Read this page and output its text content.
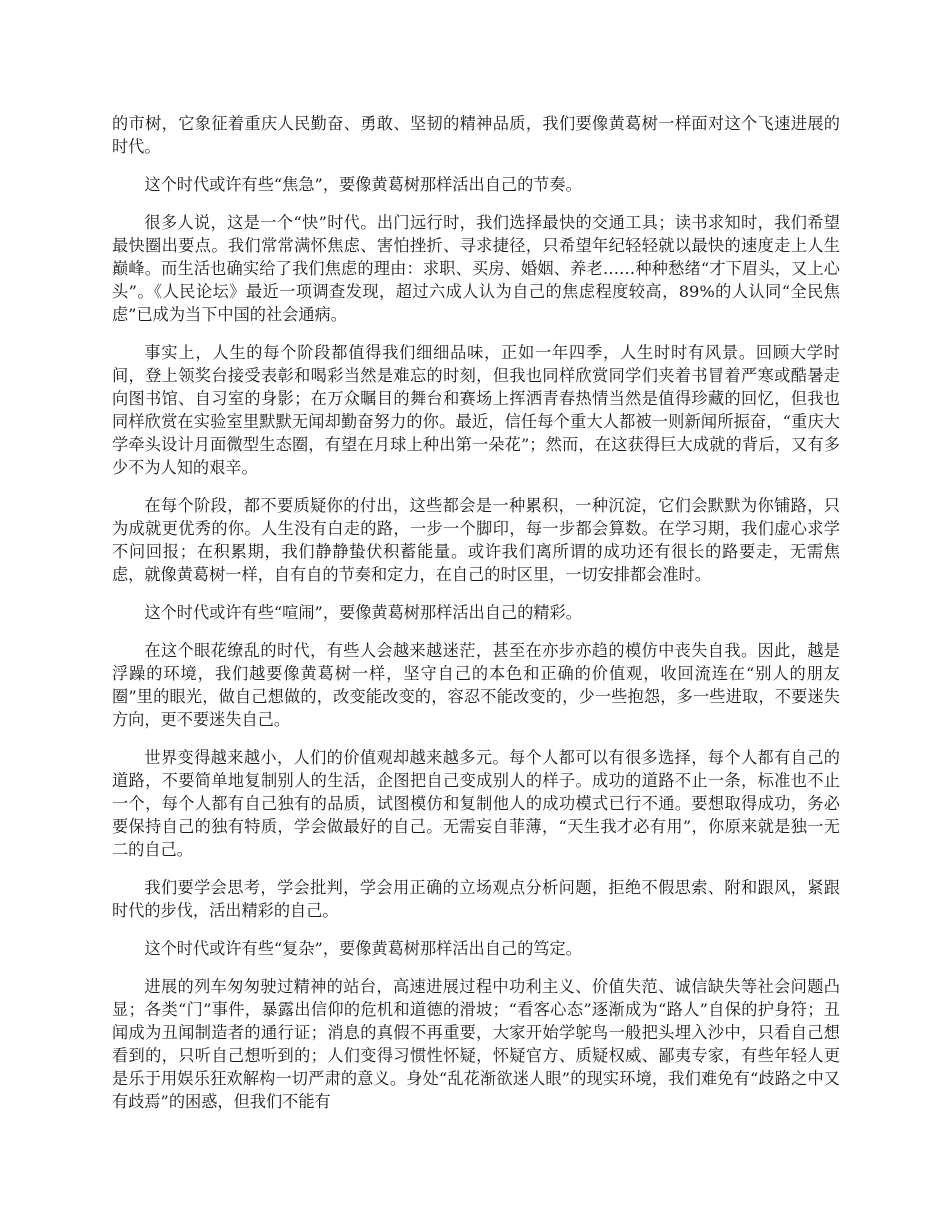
的市树，它象征着重庆人民勤奋、勇敢、坚韧的精神品质，我们要像黄葛树一样面对这个飞速进展的时代。

这个时代或许有些“焦急”，要像黄葛树那样活出自己的节奏。

很多人说，这是一个“快”时代。出门远行时，我们选择最快的交通工具；读书求知时，我们希望最快圈出要点。我们常常满怀焦虑、害怕挫折、寻求捷径，只希望年纪轻轻就以最快的速度走上人生巅峰。而生活也确实给了我们焦虑的理由：求职、买房、婚姻、养老……种种愁绪“才下眉头，又上心头”。《人民论坛》最近一项调查发现，超过六成人认为自己的焦虑程度较高，89%的人认同“全民焦虑”已成为当下中国的社会通病。

事实上，人生的每个阶段都值得我们细细品味，正如一年四季，人生时时有风景。回顾大学时间，登上领奖台接受表彰和喝彩当然是难忘的时刻，但我也同样欣赏同学们夹着书冒着严寒或酷暑走向图书馆、自习室的身影；在万众瞩目的舞台和赛场上挥洒青春热情当然是值得珍藏的回忆，但我也同样欣赏在实验室里默默无闻却勤奋努力的你。最近，信任每个重大人都被一则新闻所振奋，“重庆大学牵头设计月面微型生态圈，有望在月球上种出第一朵花”；然而，在这获得巨大成就的背后，又有多少不为人知的艰辛。

在每个阶段，都不要质疑你的付出，这些都会是一种累积，一种沉淀，它们会默默为你铺路，只为成就更优秀的你。人生没有白走的路，一步一个脚印，每一步都会算数。在学习期，我们虚心求学不问回报；在积累期，我们静静蛰伏积蓄能量。或许我们离所谓的成功还有很长的路要走，无需焦虑，就像黄葛树一样，自有自的节奏和定力，在自己的时区里，一切安排都会准时。

这个时代或许有些“喧闹”，要像黄葛树那样活出自己的精彩。

在这个眼花缭乱的时代，有些人会越来越迷茫，甚至在亦步亦趋的模仿中丧失自我。因此，越是浮躁的环境，我们越要像黄葛树一样，坚守自己的本色和正确的价值观，收回流连在“别人的朋友圈”里的眼光，做自己想做的，改变能改变的，容忍不能改变的，少一些抱怨，多一些进取，不要迷失方向，更不要迷失自己。

世界变得越来越小，人们的价值观却越来越多元。每个人都可以有很多选择，每个人都有自己的道路，不要简单地复制别人的生活，企图把自己变成别人的样子。成功的道路不止一条，标准也不止一个，每个人都有自己独有的品质，试图模仿和复制他人的成功模式已行不通。要想取得成功，务必要保持自己的独有特质，学会做最好的自己。无需妄自菲薄，“天生我才必有用”，你原来就是独一无二的自己。

我们要学会思考，学会批判，学会用正确的立场观点分析问题，拒绝不假思索、附和跟风，紧跟时代的步伐，活出精彩的自己。

这个时代或许有些“复杂”，要像黄葛树那样活出自己的笃定。

进展的列车匆匆驶过精神的站台，高速进展过程中功利主义、价值失范、诚信缺失等社会问题凸显；各类“门”事件，暴露出信仰的危机和道德的滑坡；“看客心态”逐渐成为“路人”自保的护身符；丑闻成为丑闻制造者的通行证；消息的真假不再重要，大家开始学鸵鸟一般把头埋入沙中，只看自己想看到的，只听自己想听到的；人们变得习惯性怀疑，怀疑官方、质疑权威、鄙夷专家，有些年轻人更是乐于用娱乐狂欢解构一切严肃的意义。身处“乱花渐欲迷人眼”的现实环境，我们难免有“歧路之中又有歧焉”的困惑，但我们不能有
